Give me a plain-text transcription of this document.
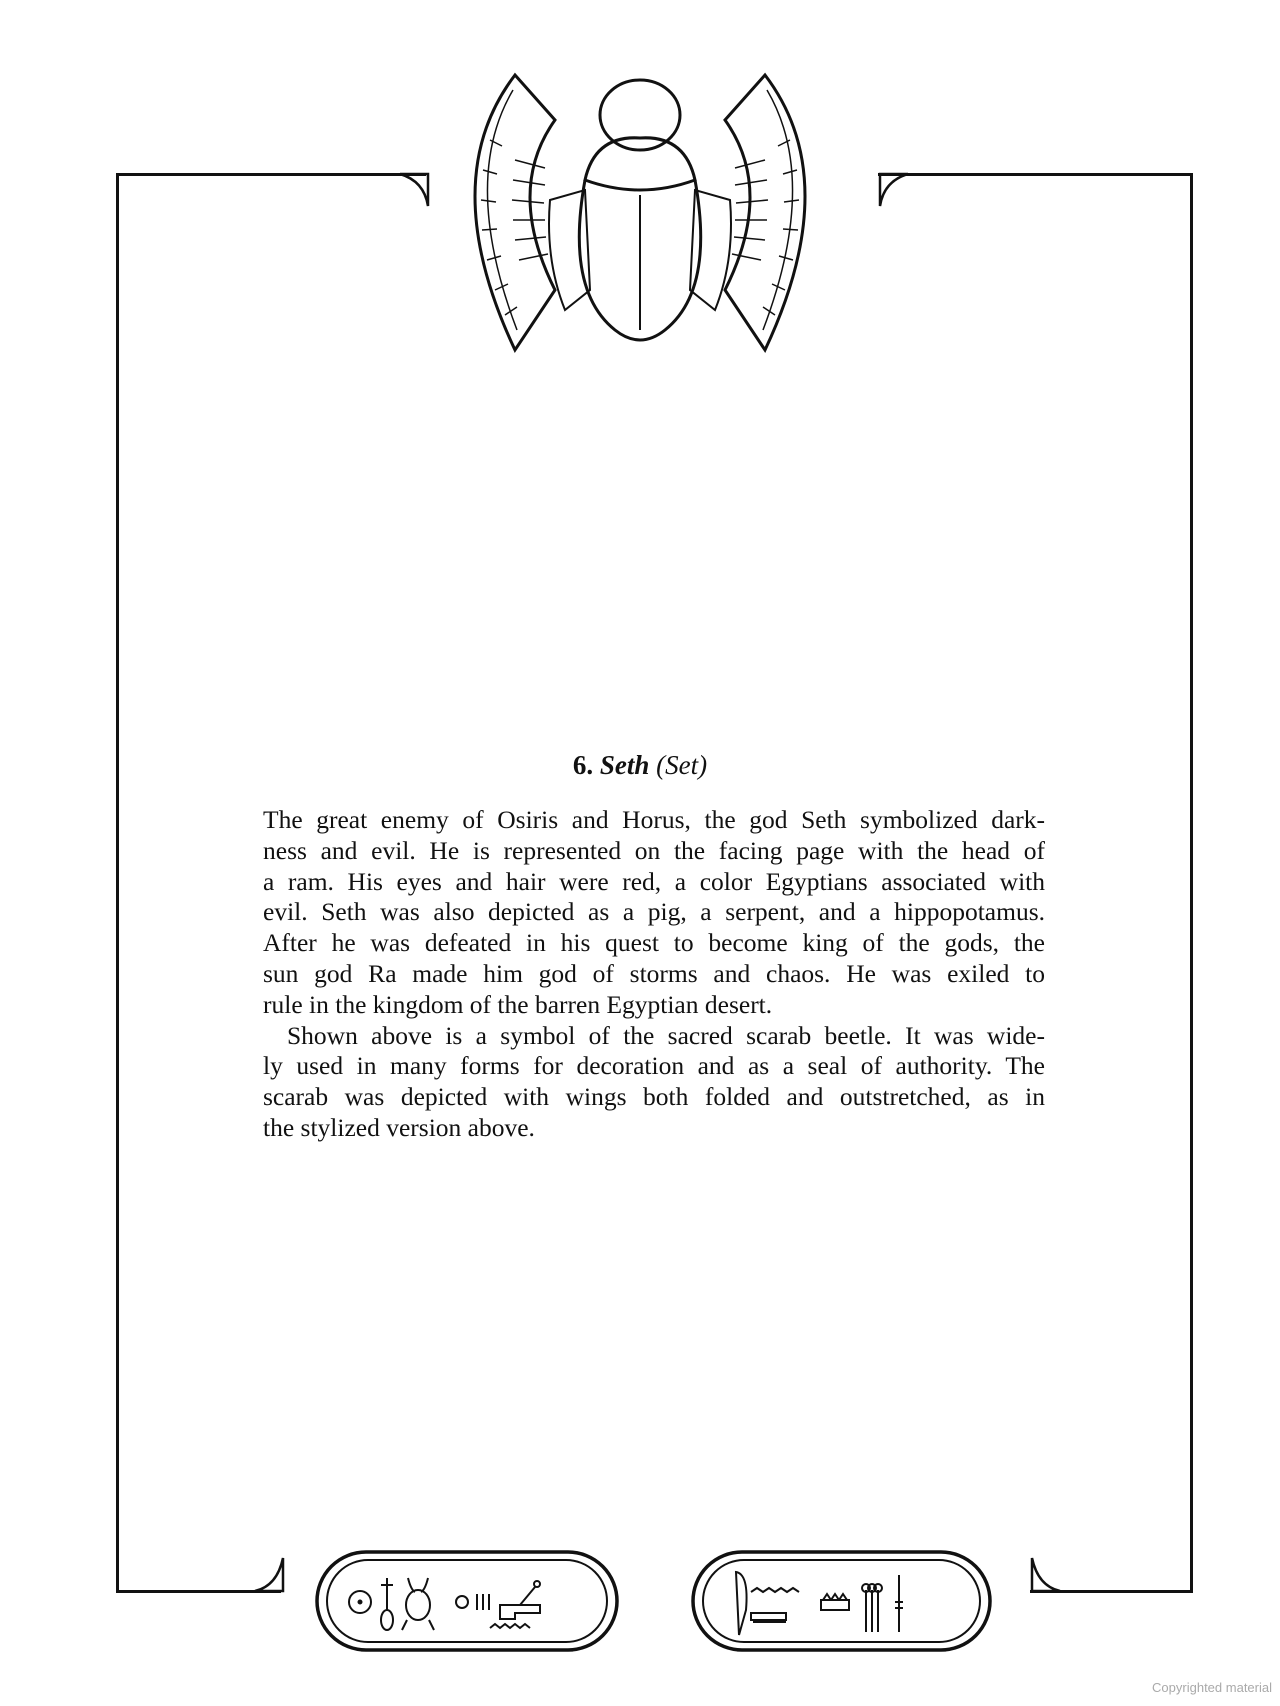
6. Seth (Set)
The great enemy of Osiris and Horus, the god Seth symbolized dark-
ness and evil. He is represented on the facing page with the head of
a ram. His eyes and hair were red, a color Egyptians associated with
evil. Seth was also depicted as a pig, a serpent, and a hippopotamus.
After he was defeated in his quest to become king of the gods, the
sun god Ra made him god of storms and chaos. He was exiled to
rule in the kingdom of the barren Egyptian desert.
Shown above is a symbol of the sacred scarab beetle. It was wide-
ly used in many forms for decoration and as a seal of authority. The
scarab was depicted with wings both folded and outstretched, as in
the stylized version above.
Copyrighted material
